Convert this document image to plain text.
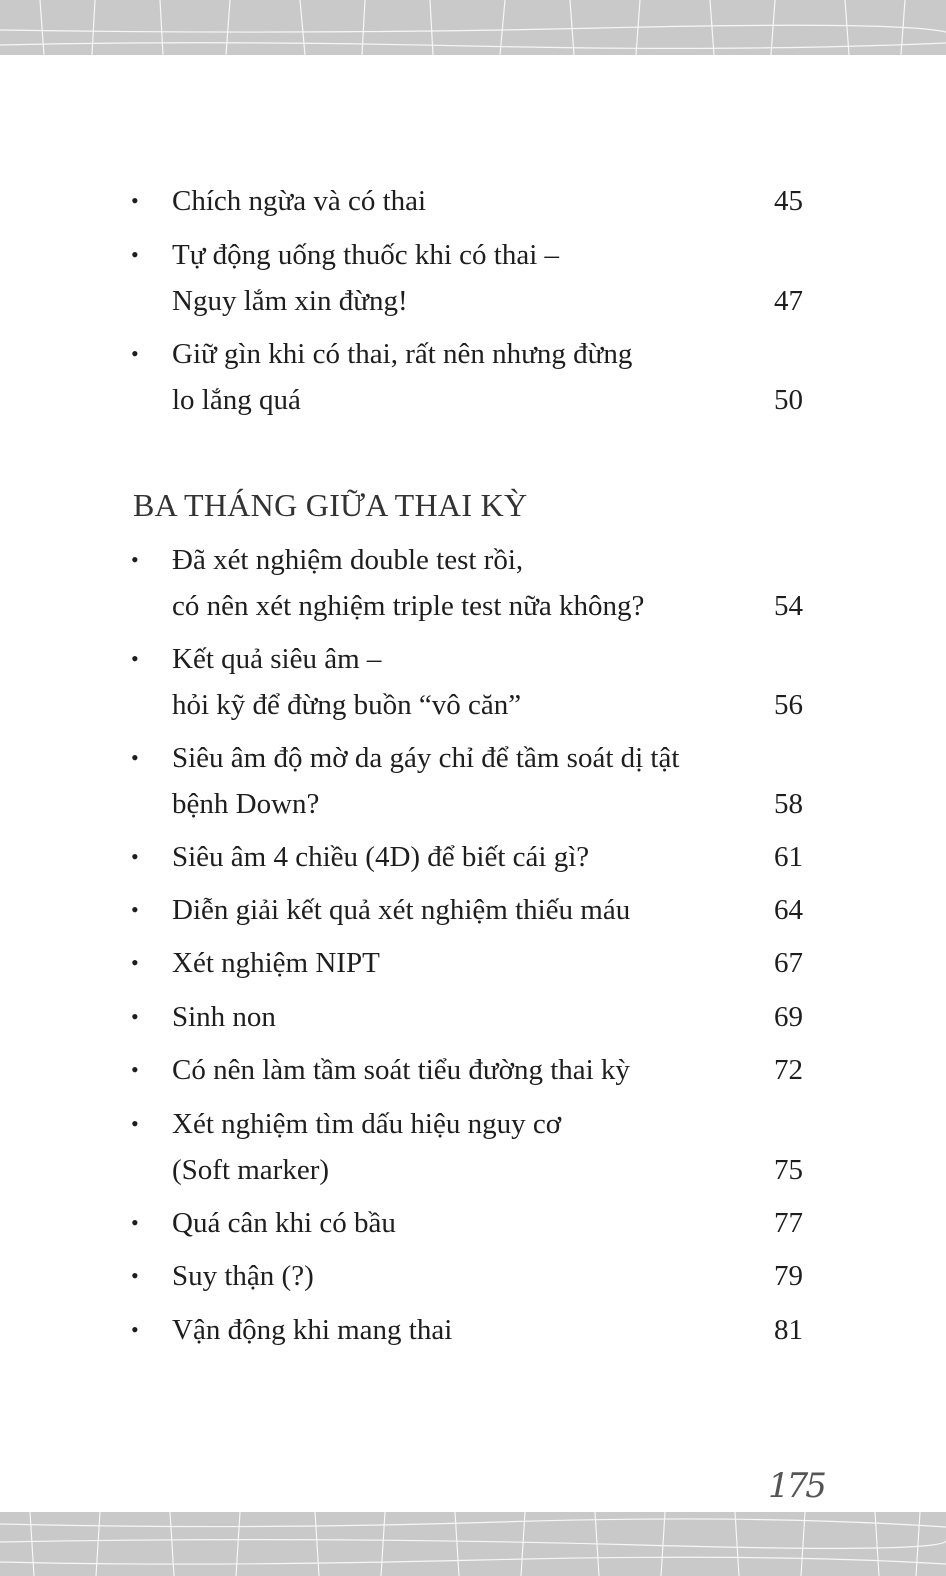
• Chích ngừa và có thai	45
• Tự động uống thuốc khi có thai –
Nguy lắm xin đừng!	47
• Giữ gìn khi có thai, rất nên nhưng đừng
lo lắng quá	50
BA THÁNG GIỮA THAI KỲ
• Đã xét nghiệm double test rồi,
có nên xét nghiệm triple test nữa không?	54
• Kết quả siêu âm –
hỏi kỹ để đừng buồn “vô căn”	56
• Siêu âm độ mờ da gáy chỉ để tầm soát dị tật
bệnh Down?	58
• Siêu âm 4 chiều (4D) để biết cái gì?	61
• Diễn giải kết quả xét nghiệm thiếu máu	64
• Xét nghiệm NIPT	67
• Sinh non	69
• Có nên làm tầm soát tiểu đường thai kỳ	72
• Xét nghiệm tìm dấu hiệu nguy cơ
(Soft marker)	75
• Quá cân khi có bầu	77
• Suy thận (?)	79
• Vận động khi mang thai	81
175
